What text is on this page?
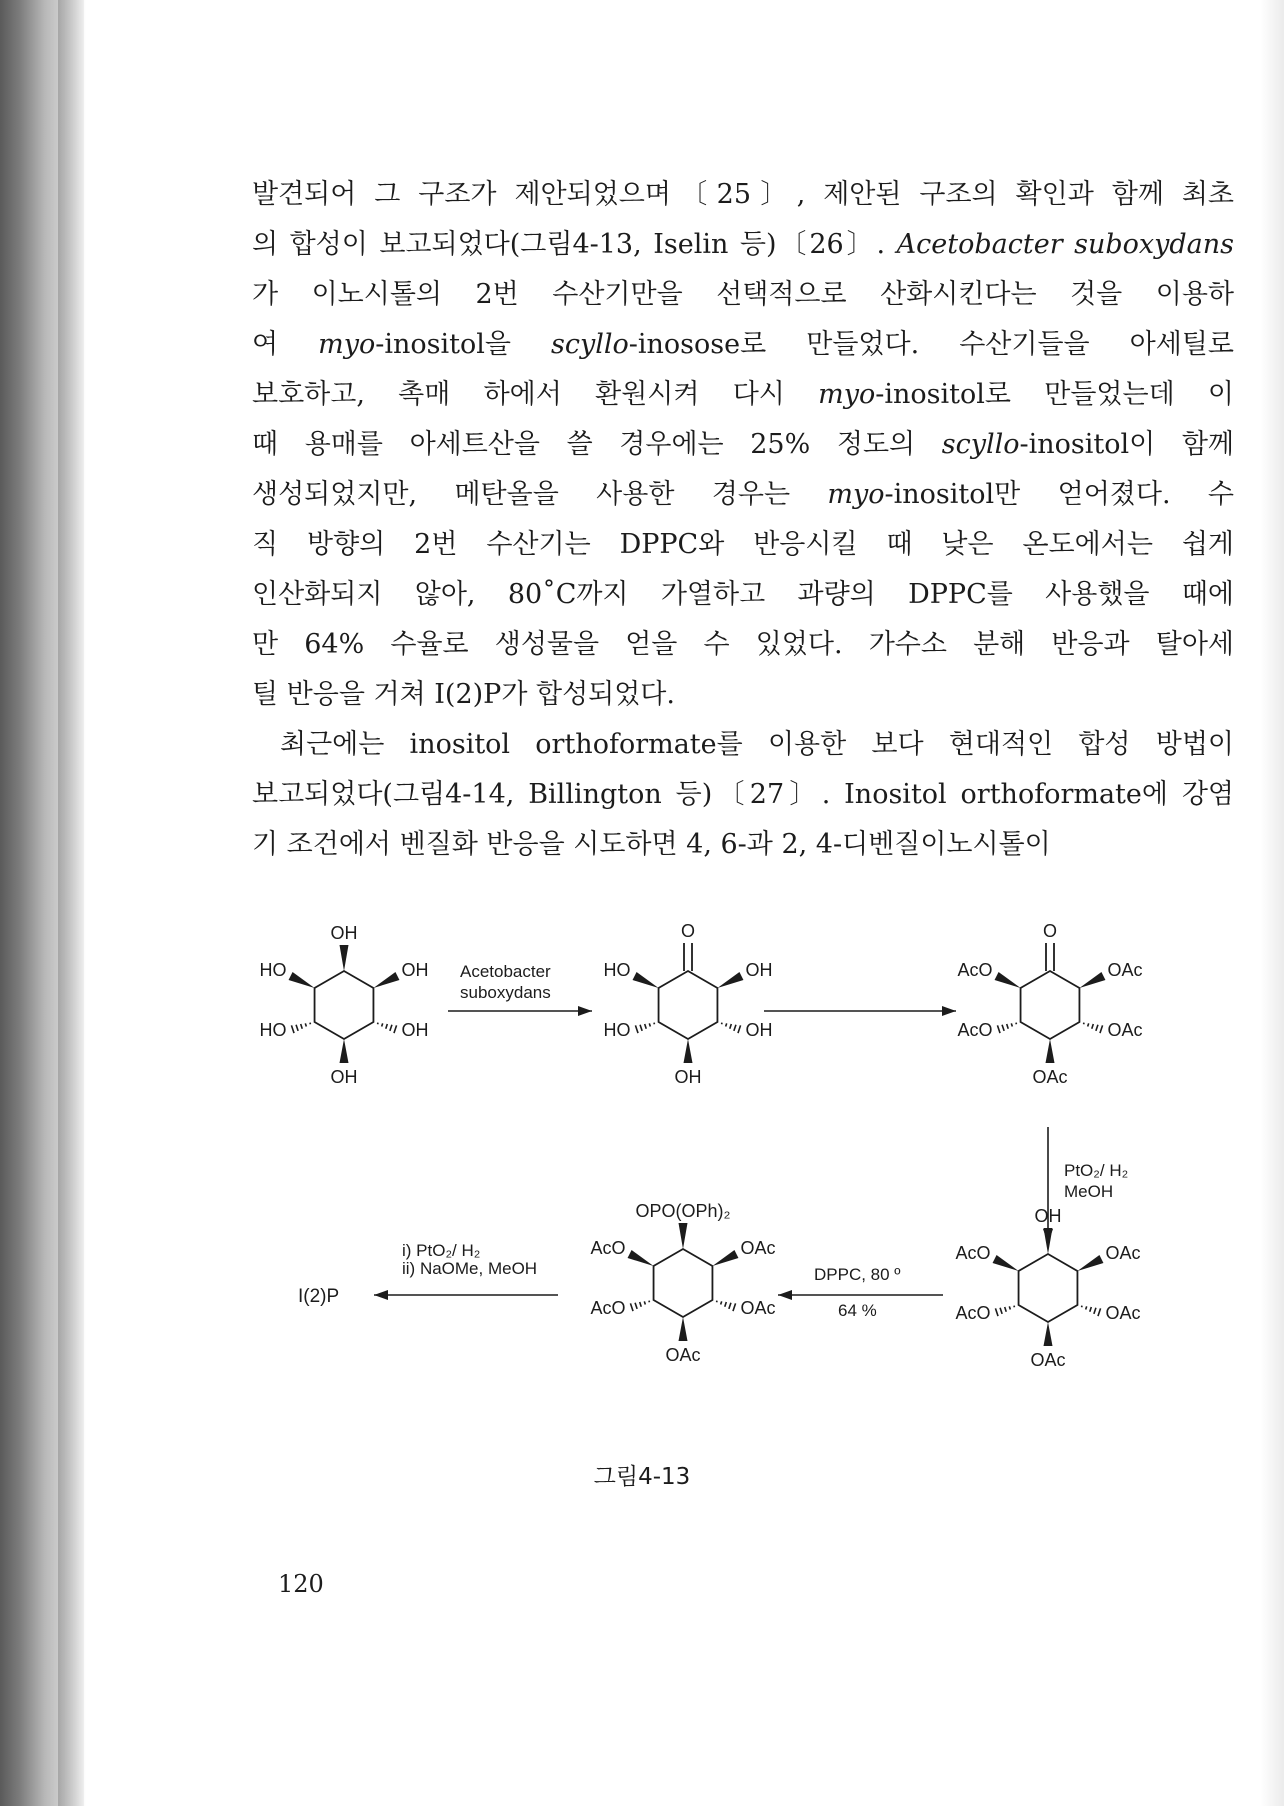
발견되어 그 구조가 제안되었으며〔25〕, 제안된 구조의 확인과 함께 최초
의 합성이 보고되었다(그림4-13, Iselin 등)〔26〕. Acetobacter suboxydans
가 이노시톨의 2번 수산기만을 선택적으로 산화시킨다는 것을 이용하
여 myo-inositol을 scyllo-inosose로 만들었다. 수산기들을 아세틸로
보호하고, 촉매 하에서 환원시켜 다시 myo-inositol로 만들었는데 이
때 용매를 아세트산을 쓸 경우에는 25% 정도의 scyllo-inositol이 함께
생성되었지만, 메탄올을 사용한 경우는 myo-inositol만 얻어졌다. 수
직 방향의 2번 수산기는 DPPC와 반응시킬 때 낮은 온도에서는 쉽게
인산화되지 않아, 80˚C까지 가열하고 과량의 DPPC를 사용했을 때에
만 64% 수율로 생성물을 얻을 수 있었다. 가수소 분해 반응과 탈아세
틸 반응을 거쳐 I(2)P가 합성되었다.
최근에는 inositol orthoformate를 이용한 보다 현대적인 합성 방법이
보고되었다(그림4-14, Billington 등)〔27〕. Inositol orthoformate에 강염
기 조건에서 벤질화 반응을 시도하면 4, 6-과 2, 4-디벤질이노시톨이
OH
HO	OH
HO	OH
OH
Acetobacter
suboxydans
O
HO	OH
HO	OH
OH
O
AcO	OAc
AcO	OAc
OAc
PtO₂/ H₂
MeOH
OH
AcO	OAc
AcO	OAc
OAc
DPPC, 80 º
64 %
OPO(OPh)₂
AcO	OAc
AcO	OAc
OAc
i) PtO₂/ H₂
ii) NaOMe, MeOH
I(2)P
그림4-13
120
